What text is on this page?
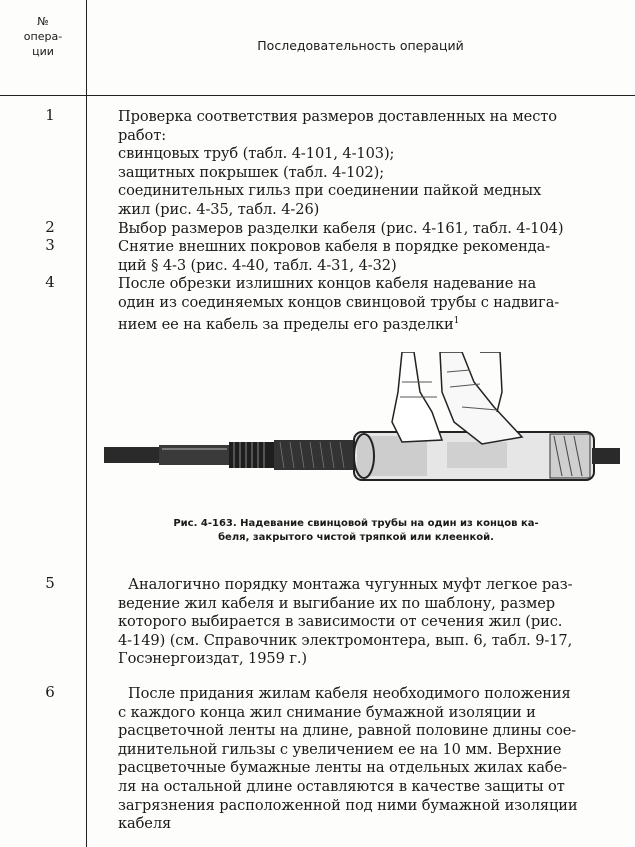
№
опера-
ции	Последовательность операций
1	Проверка соответствия размеров доставленных на место
работ:
свинцовых труб (табл. 4-101, 4-103);
защитных покрышек (табл. 4-102);
соединительных гильз при соединении пайкой медных
жил (рис. 4-35, табл. 4-26)
2	Выбор размеров разделки кабеля (рис. 4-161, табл. 4-104)
3	Снятие внешних покровов кабеля в порядке рекоменда-
ций § 4-3 (рис. 4-40, табл. 4-31, 4-32)
4	После обрезки излишних концов кабеля надевание на
один из соединяемых концов свинцовой трубы с надвига-
нием ее на кабель за пределы его разделки$^1$
Рис. 4-163. Надевание свинцовой трубы на один из концов ка-
беля, закрытого чистой тряпкой или клеенкой.
5	Аналогично порядку монтажа чугунных муфт легкое раз-
ведение жил кабеля и выгибание их по шаблону, размер
которого выбирается в зависимости от сечения жил (рис.
4-149) (см. Справочник электромонтера, вып. 6, табл. 9-17,
Госэнергоиздат, 1959 г.)
6	После придания жилам кабеля необходимого положения
с каждого конца жил снимание бумажной изоляции и
расцветочной ленты на длине, равной половине длины сое-
динительной гильзы с увеличением ее на 10 мм. Верхние
расцветочные бумажные ленты на отдельных жилах кабе-
ля на остальной длине оставляются в качестве защиты от
загрязнения расположенной под ними бумажной изоляции
кабеля
